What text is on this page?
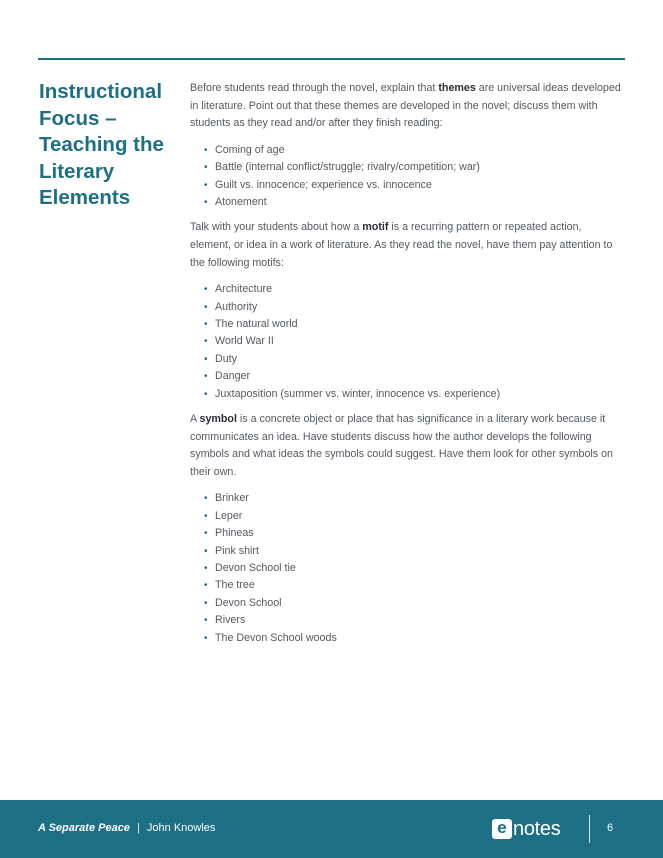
Instructional
Focus –
Teaching the
Literary
Elements

Before students read through the novel, explain that themes are universal ideas developed in literature. Point out that these themes are developed in the novel; discuss them with students as they read and/or after they finish reading:

• Coming of age
• Battle (internal conflict/struggle; rivalry/competition; war)
• Guilt vs. innocence; experience vs. innocence
• Atonement

Talk with your students about how a motif is a recurring pattern or repeated action, element, or idea in a work of literature. As they read the novel, have them pay attention to the following motifs:

• Architecture
• Authority
• The natural world
• World War II
• Duty
• Danger
• Juxtaposition (summer vs. winter, innocence vs. experience)

A symbol is a concrete object or place that has significance in a literary work because it communicates an idea. Have students discuss how the author develops the following symbols and what ideas the symbols could suggest. Have them look for other symbols on their own.

• Brinker
• Leper
• Phineas
• Pink shirt
• Devon School tie
• The tree
• Devon School
• Rivers
• The Devon School woods
A Separate Peace | John Knowles	e notes	6
